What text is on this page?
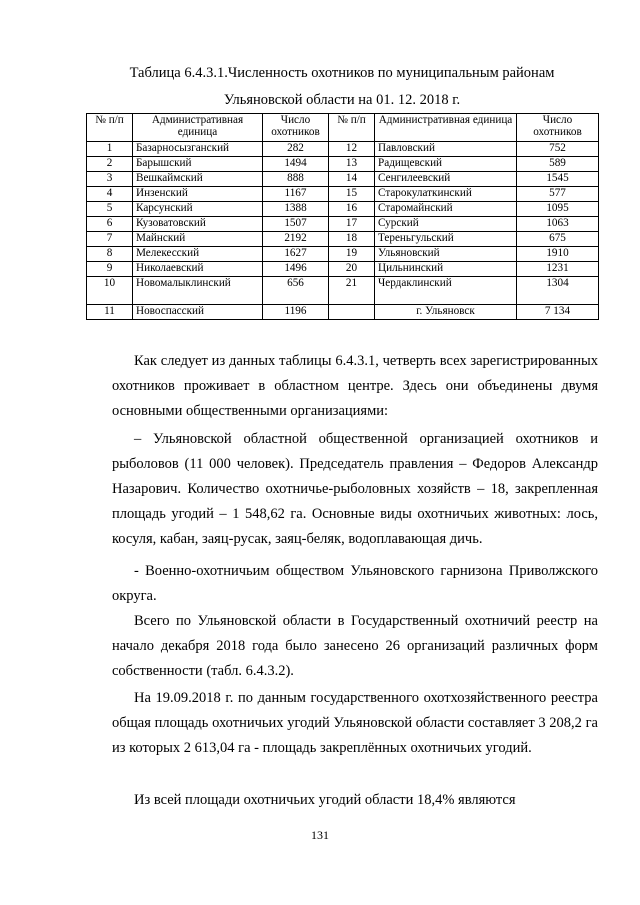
Таблица 6.4.3.1.Численность охотников по муниципальным районам
Ульяновской области на 01. 12. 2018 г.
№ п/п	Административная единица	Число охотников	№ п/п	Административная единица	Число охотников
1	Базарносызганский	282	12	Павловский	752
2	Барышский	1494	13	Радищевский	589
3	Вешкаймский	888	14	Сенгилеевский	1545
4	Инзенский	1167	15	Старокулаткинский	577
5	Карсунский	1388	16	Старомайнский	1095
6	Кузоватовский	1507	17	Сурский	1063
7	Майнский	2192	18	Тереньгульский	675
8	Мелекесский	1627	19	Ульяновский	1910
9	Николаевский	1496	20	Цильнинский	1231
10	Новомалыклинский	656	21	Чердаклинский	1304
11	Новоспасский	1196		г. Ульяновск	7 134
Как следует из данных таблицы 6.4.3.1, четверть всех зарегистрированных охотников проживает в областном центре. Здесь они объединены двумя основными общественными организациями:
– Ульяновской областной общественной организацией охотников и рыболовов (11 000 человек). Председатель правления – Федоров Александр Назарович. Количество охотничье-рыболовных хозяйств – 18, закрепленная площадь угодий – 1 548,62 га. Основные виды охотничьих животных: лось, косуля, кабан, заяц-русак, заяц-беляк, водоплавающая дичь.
- Военно-охотничьим обществом Ульяновского гарнизона Приволжского округа.
Всего по Ульяновской области в Государственный охотничий реестр на начало декабря 2018 года было занесено 26 организаций различных форм собственности (табл. 6.4.3.2).
На 19.09.2018 г. по данным государственного охотхозяйственного реестра общая площадь охотничьих угодий Ульяновской области составляет 3 208,2 га из которых 2 613,04 га - площадь закреплённых охотничьих угодий.
Из всей площади охотничьих угодий области 18,4% являются
131
